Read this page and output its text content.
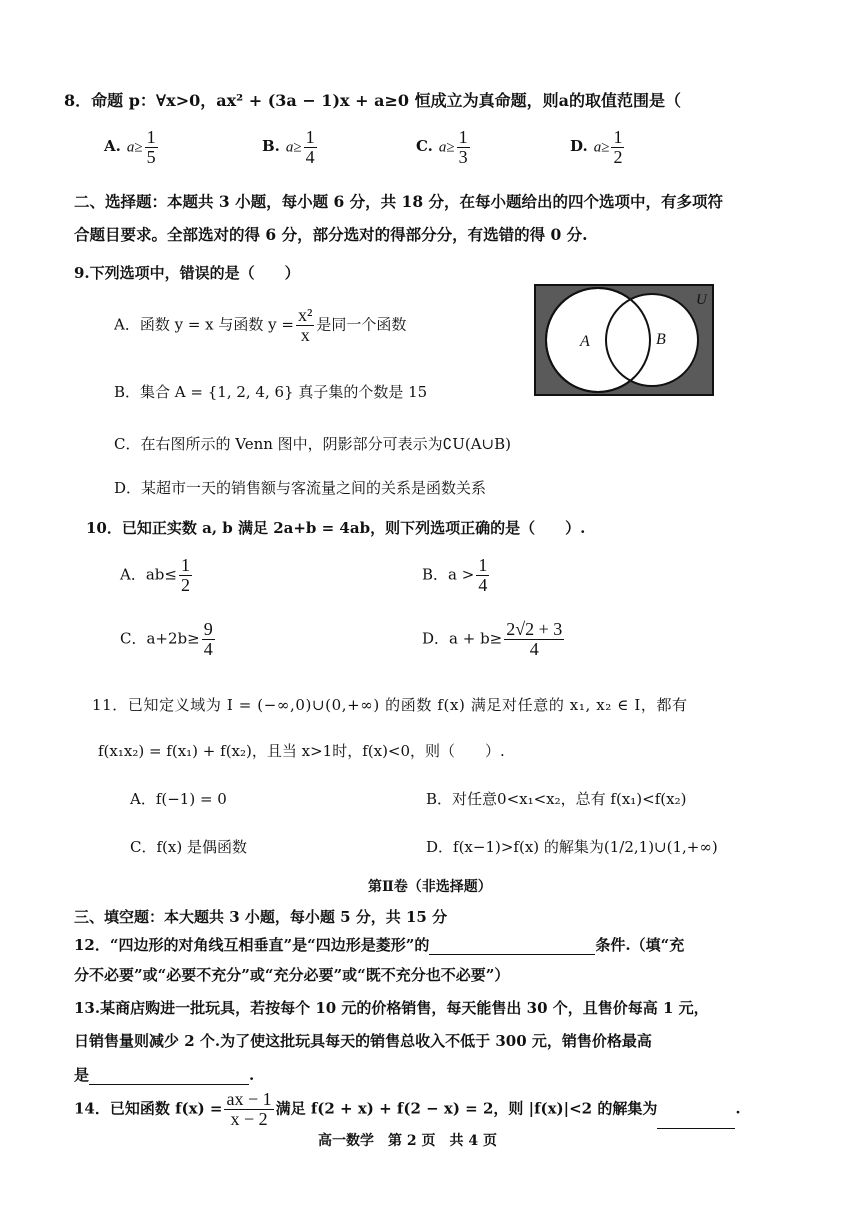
8．命题 p：∀x>0，ax² + (3a − 1)x + a≥0 恒成立为真命题，则a的取值范围是（
A. $a\ge \frac{1}{5}$	B. $a\ge \frac{1}{4}$	C. $a\ge \frac{1}{3}$	D. $a\ge \frac{1}{2}$
二、选择题：本题共 3 小题，每小题 6 分，共 18 分，在每小题给出的四个选项中，有多项符
合题目要求。全部选对的得 6 分，部分选对的得部分分，有选错的得 0 分.
9.下列选项中，错误的是（　　）
A．函数 y = x 与函数 $y = \frac{\text{x²}}{x}$ 是同一个函数
B．集合 A = {1, 2, 4, 6} 真子集的个数是 15
C．在右图所示的 Venn 图中，阴影部分可表示为∁U(A∪B)
D．某超市一天的销售额与客流量之间的关系是函数关系
U
A	B
10．已知正实数 a, b 满足 2a+b = 4ab，则下列选项正确的是（　　）.
A．$ab\le \frac{1}{2}$	B．$a > \frac{1}{4}$
C．$a+2b\ge \frac{9}{4}$	D．$a + b\ge \frac{2√2 + 3}{4}$
11．已知定义域为 I = (−∞,0)∪(0,+∞) 的函数 f(x) 满足对任意的 x₁, x₂ ∈ I，都有
f(x₁x₂) = f(x₁) + f(x₂)，且当 x>1时，f(x)<0，则（　　）.
A．f(−1) = 0	B．对任意0<x₁<x₂，总有 f(x₁)<f(x₂)
C．f(x) 是偶函数	D．f(x−1)>f(x) 的解集为(1/2,1)∪(1,+∞)
第Ⅱ卷（非选择题）
三、填空题：本大题共 3 小题，每小题 5 分，共 15 分
12．“四边形的对角线互相垂直”是“四边形是菱形”的	条件.（填“充
分不必要”或“必要不充分”或“充分必要”或“既不充分也不必要”）
13.某商店购进一批玩具，若按每个 10 元的价格销售，每天能售出 30 个，且售价每高 1 元，
日销售量则减少 2 个.为了使这批玩具每天的销售总收入不低于 300 元，销售价格最高
是	.
14．已知函数 $f(x) = \frac{ax - 1}{x - 2}$ 满足 f(2 + x) + f(2 − x) = 2，则 |f(x)|<2 的解集为	.
高一数学　第 2 页　共 4 页
